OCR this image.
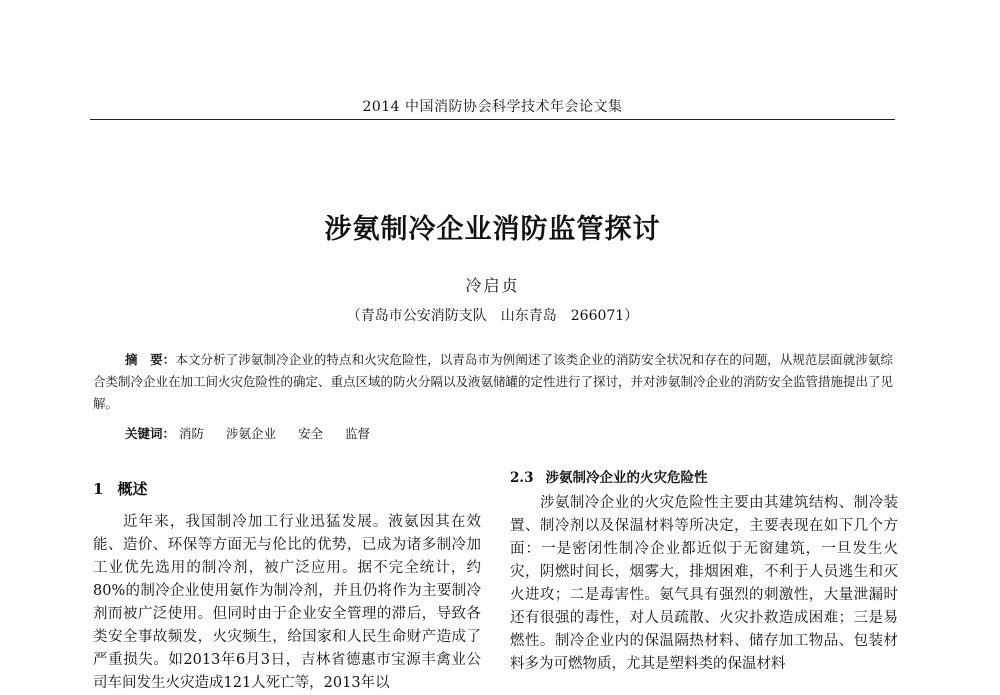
2014 中国消防协会科学技术年会论文集
涉氨制冷企业消防监管探讨
冷启贞
（青岛市公安消防支队　山东青岛　266071）
摘　要：本文分析了涉氨制冷企业的特点和火灾危险性，以青岛市为例阐述了该类企业的消防安全状况和存在的问题，从规范层面就涉氨综合类制冷企业在加工间火灾危险性的确定、重点区域的防火分隔以及液氨储罐的定性进行了探讨，并对涉氨制冷企业的消防安全监管措施提出了见解。
关键词： 消防 涉氨企业 安全 监督
1 概述

近年来，我国制冷加工行业迅猛发展。液氨因其在效能、造价、环保等方面无与伦比的优势，已成为诸多制冷加工业优先选用的制冷剂，被广泛应用。据不完全统计，约80%的制冷企业使用氨作为制冷剂，并且仍将作为主要制冷剂而被广泛使用。但同时由于企业安全管理的滞后，导致各类安全事故频发，火灾频生，给国家和人民生命财产造成了严重损失。如2013年6月3日，吉林省德惠市宝源丰禽业公司车间发生火灾造成121人死亡等，2013年以

2.3 涉氨制冷企业的火灾危险性

涉氨制冷企业的火灾危险性主要由其建筑结构、制冷装置、制冷剂以及保温材料等所决定，主要表现在如下几个方面：一是密闭性制冷企业都近似于无窗建筑，一旦发生火灾，阴燃时间长，烟雾大，排烟困难，不利于人员逃生和灭火进攻；二是毒害性。氨气具有强烈的刺激性，大量泄漏时还有很强的毒性，对人员疏散、火灾扑救造成困难；三是易燃性。制冷企业内的保温隔热材料、储存加工物品、包装材料多为可燃物质，尤其是塑料类的保温材料
